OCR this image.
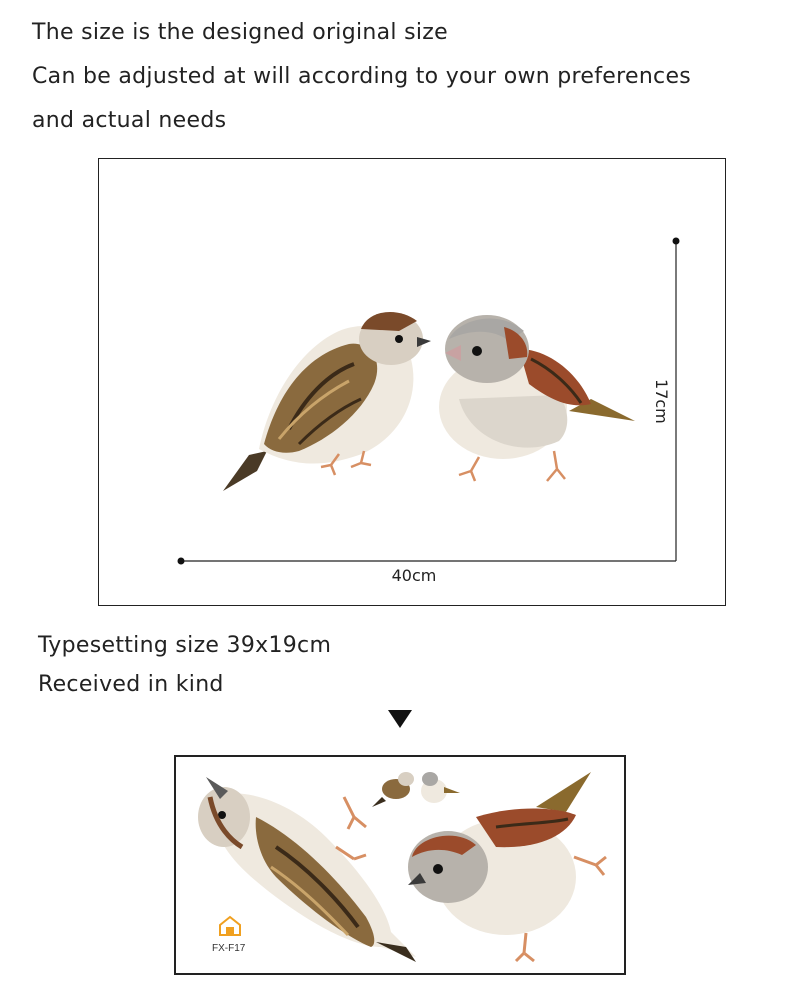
The size is the designed original size
Can be adjusted at will according to your own preferences
and actual needs
40cm
17cm
Typesetting size 39x19cm
Received in kind
FX-F17
